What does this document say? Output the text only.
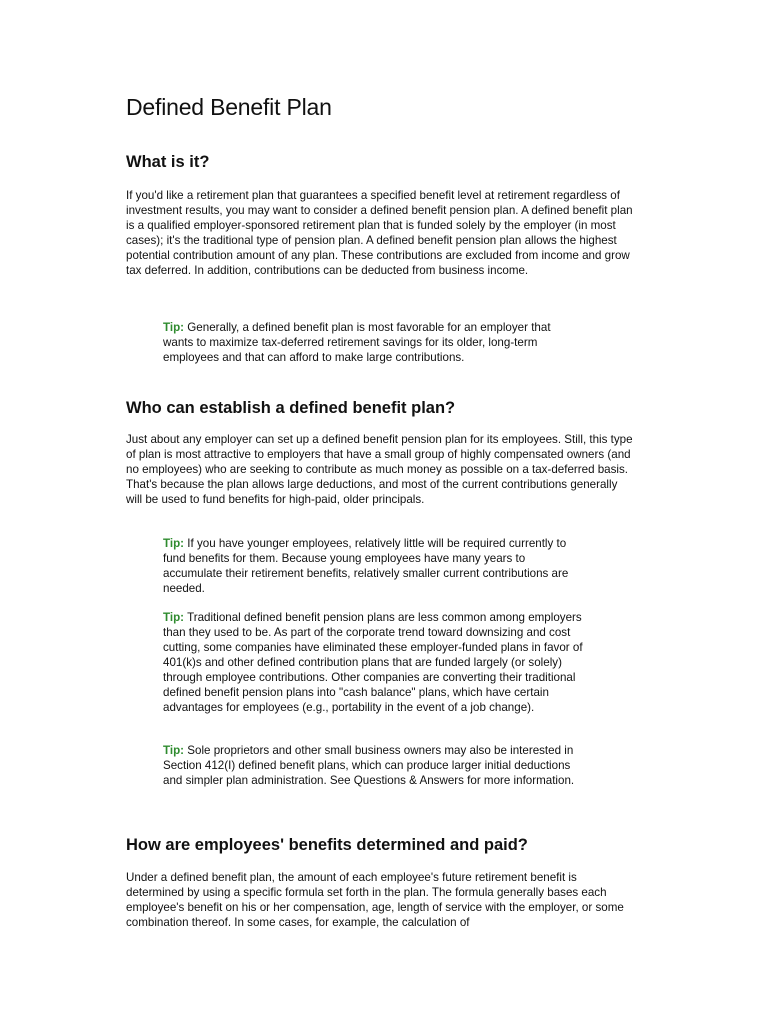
Defined Benefit Plan
What is it?

If you'd like a retirement plan that guarantees a specified benefit level at retirement regardless of investment results, you may want to consider a defined benefit pension plan. A defined benefit plan is a qualified employer-sponsored retirement plan that is funded solely by the employer (in most cases); it's the traditional type of pension plan. A defined benefit pension plan allows the highest potential contribution amount of any plan. These contributions are excluded from income and grow tax deferred. In addition, contributions can be deducted from business income.

Tip: Generally, a defined benefit plan is most favorable for an employer that wants to maximize tax-deferred retirement savings for its older, long-term employees and that can afford to make large contributions.

Who can establish a defined benefit plan?

Just about any employer can set up a defined benefit pension plan for its employees. Still, this type of plan is most attractive to employers that have a small group of highly compensated owners (and no employees) who are seeking to contribute as much money as possible on a tax-deferred basis. That's because the plan allows large deductions, and most of the current contributions generally will be used to fund benefits for high-paid, older principals.

Tip: If you have younger employees, relatively little will be required currently to fund benefits for them. Because young employees have many years to accumulate their retirement benefits, relatively smaller current contributions are needed.

Tip: Traditional defined benefit pension plans are less common among employers than they used to be. As part of the corporate trend toward downsizing and cost cutting, some companies have eliminated these employer-funded plans in favor of 401(k)s and other defined contribution plans that are funded largely (or solely) through employee contributions. Other companies are converting their traditional defined benefit pension plans into "cash balance" plans, which have certain advantages for employees (e.g., portability in the event of a job change).

Tip: Sole proprietors and other small business owners may also be interested in Section 412(I) defined benefit plans, which can produce larger initial deductions and simpler plan administration. See Questions & Answers for more information.

How are employees' benefits determined and paid?

Under a defined benefit plan, the amount of each employee's future retirement benefit is determined by using a specific formula set forth in the plan. The formula generally bases each employee's benefit on his or her compensation, age, length of service with the employer, or some combination thereof. In some cases, for example, the calculation of
